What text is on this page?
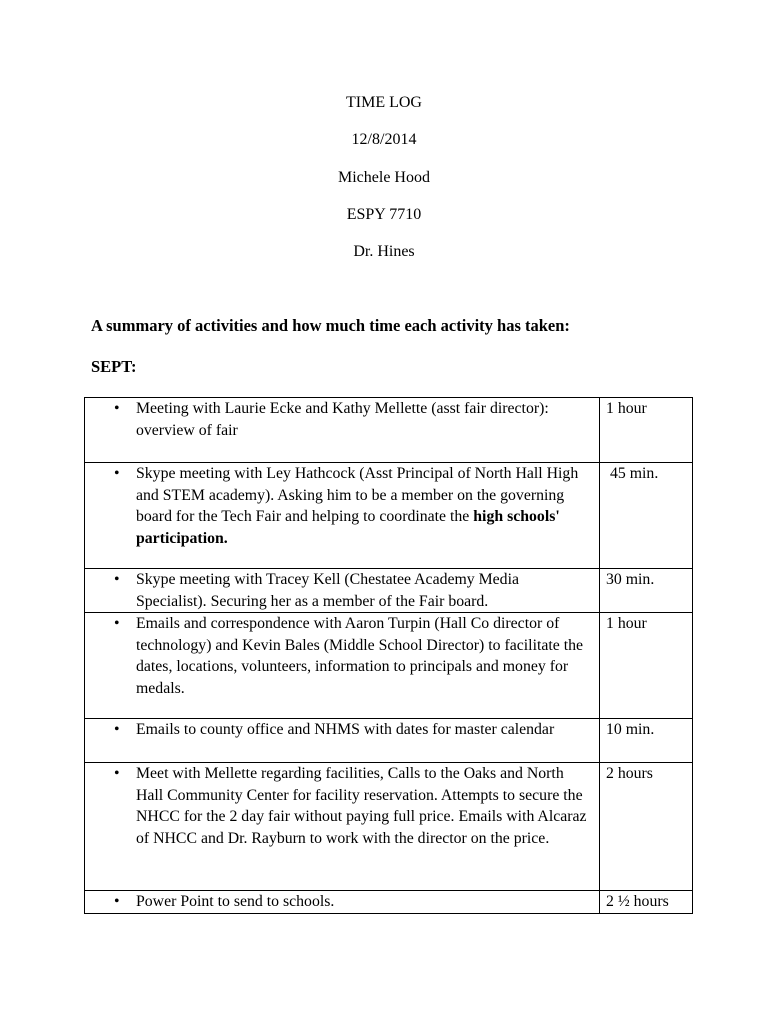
TIME LOG
12/8/2014
Michele Hood
ESPY 7710
Dr. Hines
A summary of activities and how much time each activity has taken:
SEPT:
• Meeting with Laurie Ecke and Kathy Mellette (asst fair director): overview of fair	1 hour

• Skype meeting with Ley Hathcock (Asst Principal of North Hall High and STEM academy). Asking him to be a member on the governing board for the Tech Fair and helping to coordinate the high schools' participation.	45 min.

• Skype meeting with Tracey Kell (Chestatee Academy Media Specialist). Securing her as a member of the Fair board.	30 min.

• Emails and correspondence with Aaron Turpin (Hall Co director of technology) and Kevin Bales (Middle School Director) to facilitate the dates, locations, volunteers, information to principals and money for medals.	1 hour

• Emails to county office and NHMS with dates for master calendar	10 min.

• Meet with Mellette regarding facilities, Calls to the Oaks and North Hall Community Center for facility reservation. Attempts to secure the NHCC for the 2 day fair without paying full price. Emails with Alcaraz of NHCC and Dr. Rayburn to work with the director on the price.	2 hours

• Power Point to send to schools.	2 ½ hours
